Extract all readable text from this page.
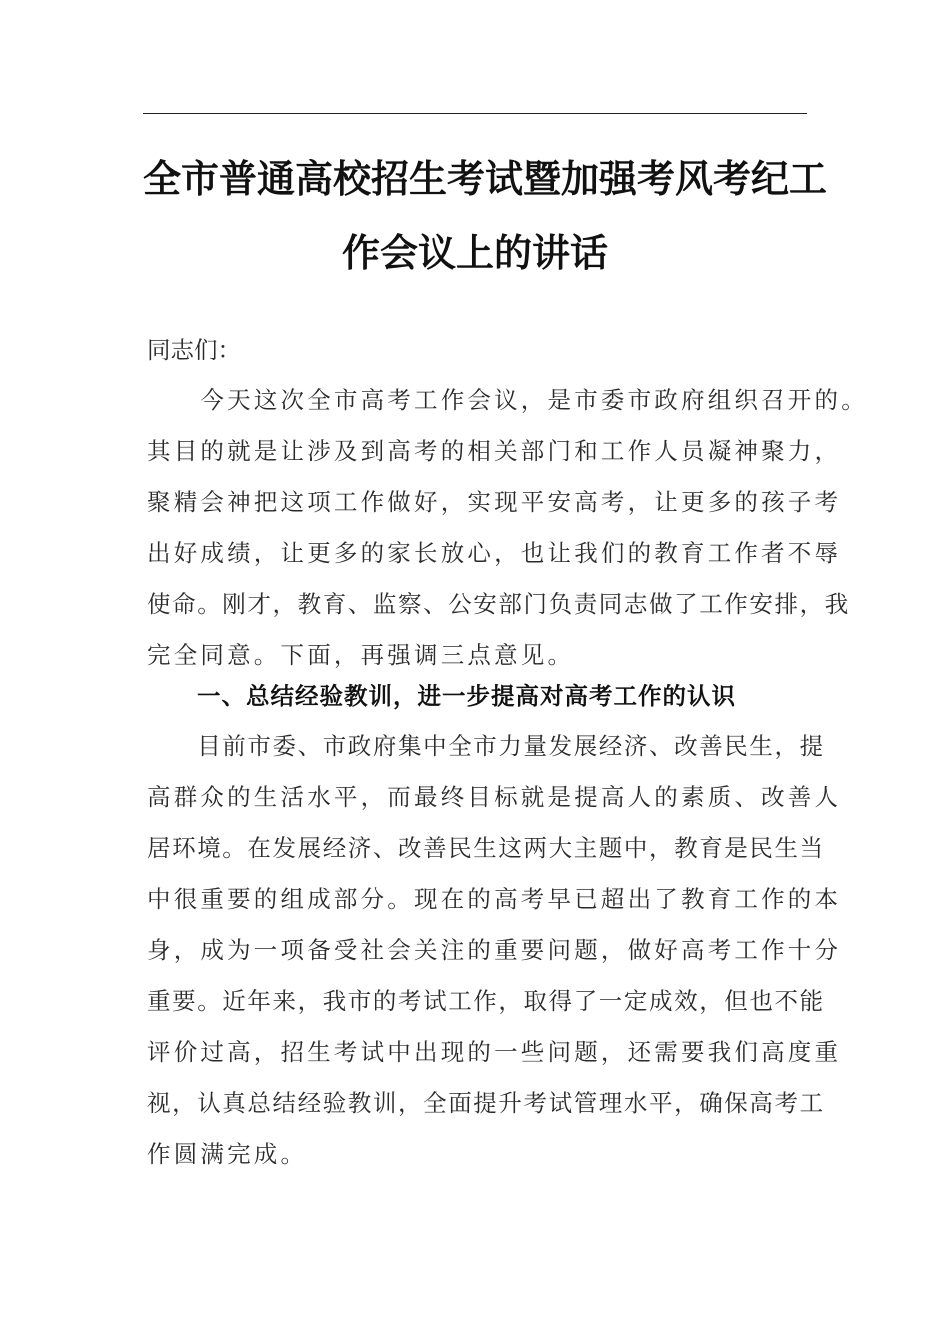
全市普通高校招生考试暨加强考风考纪工
作会议上的讲话
同志们：
　　今天这次全市高考工作会议，是市委市政府组织召开的。
其目的就是让涉及到高考的相关部门和工作人员凝神聚力，
聚精会神把这项工作做好，实现平安高考，让更多的孩子考
出好成绩，让更多的家长放心，也让我们的教育工作者不辱
使命。刚才，教育、监察、公安部门负责同志做了工作安排，我
完全同意。下面，再强调三点意见。
一、总结经验教训，进一步提高对高考工作的认识
　　目前市委、市政府集中全市力量发展经济、改善民生，提
高群众的生活水平，而最终目标就是提高人的素质、改善人
居环境。在发展经济、改善民生这两大主题中，教育是民生当
中很重要的组成部分。现在的高考早已超出了教育工作的本
身，成为一项备受社会关注的重要问题，做好高考工作十分
重要。近年来，我市的考试工作，取得了一定成效，但也不能
评价过高，招生考试中出现的一些问题，还需要我们高度重
视，认真总结经验教训，全面提升考试管理水平，确保高考工
作圆满完成。
